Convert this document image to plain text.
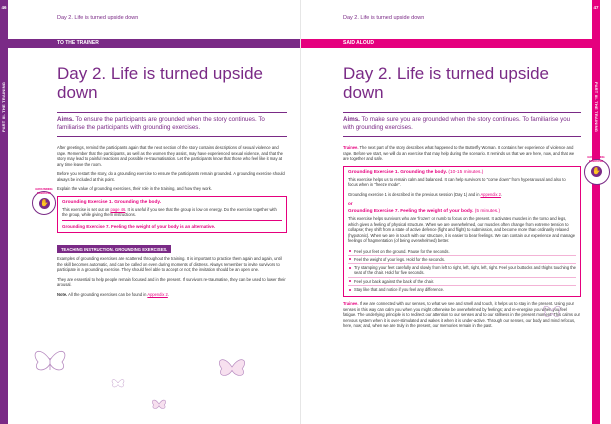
46
PART III. THE TRAINING
Day 2. Life is turned upside down
TO THE TRAINER
Day 2. Life is turned upside down
Aims. To ensure the participants are grounded when the story continues. To familiarise the participants with grounding exercises.

After greetings, remind the participants again that the next section of the story contains descriptions of sexual violence and rape. Remember that the participants, as well as the women they assist, may have experienced sexual violence, and that the story may lead to painful reactions and possible re-traumatisation. Let the participants know that those who feel like it may at any time leave the room.

Before you restart the story, do a grounding exercise to ensure the participants remain grounded. A grounding exercise should always be included at this point.

Explain the value of grounding exercises, their role in the training, and how they work.

GROUNDING EXERCISE
✋	Grounding Exercise 1. Grounding the body.

This exercise is set out on page 46. It is useful if you see that the group is low on energy. Do the exercise together with the group, while giving them instructions.

Grounding Exercise 7. Feeling the weight of your body is an alternative.
TEACHING INSTRUCTION. GROUNDING EXERCISES.

Examples of grounding exercises are scattered throughout the training. It is important to practice them again and again, until the skill becomes automatic, and can be called on even during moments of distress. Always remember to invite survivors to participate in a grounding exercise. They should feel able to accept or not; the invitation should be an open one.

They are essential to help people remain focused and in the present. If survivors re-traumatise, they can be used to lower their arousal.

Note. All the grounding exercises can be found in Appendix 2.

47
PART III. THE TRAINING
Day 2. Life is turned upside down
SAID ALOUD
Day 2. Life is turned upside down
Aims. To make sure you are grounded when the story continues. To familiarise you with grounding exercises.

Trainee. The next part of the story describes what happened to the Butterfly Woman. It contains her experience of violence and rape. Before we start, we will do an exercise that may help during the scenario. It reminds us that we are here, now, and that we are together and safe.	GROUNDING EXERCISE
✋
Grounding Exercise 1. Grounding the body. (10-15 minutes.)

This exercise helps us to remain calm and balanced. It can help survivors to "come down" from hyperarousal and also to focus when in "freeze mode".

Grounding exercise 1 is described in the previous session (Day 1) and in Appendix 2.

or
Grounding Exercise 7. Feeling the weight of your body. (5 minutes.)

This exercise helps survivors who are 'frozen' or numb to focus on the present. It activates muscles in the torso and legs, which gives a feeling of physical structure. When we are overwhelmed, our muscles often change from extreme tension to collapse; they shift from a state of active defence (fight and flight) to submission, and become more than ordinarily relaxed (hypotonic). When we are in touch with our structure, it is easier to bear feelings. We can contain our experience and manage feelings of fragmentation (of being overwhelmed) better.

Feel your feet on the ground. Pause for the seconds.
Feel the weight of your legs. Hold for the seconds.
Try stamping your feet carefully and slowly from left to right, left, right, left, right. Feel your buttocks and thighs touching the seat of the chair. Hold for five seconds.
Feel your back against the back of the chair.
Stay like that and notice if you feel any difference.

Trainee. If we are connected with our senses, to what we see and smell and touch, it helps us to stay in the present. Using your senses in this way can calm you when you might otherwise be overwhelmed by feelings; and re-energise you when you feel fatigue. The underlying principle is to redirect our attention to our senses and to our stillness in the present moment. This calms our nervous system when it is over-stimulated and wakes it when it is under-active. Through our senses, our body and mind refocus, here, now; and, when we are truly in the present, our memories remain in the past.
